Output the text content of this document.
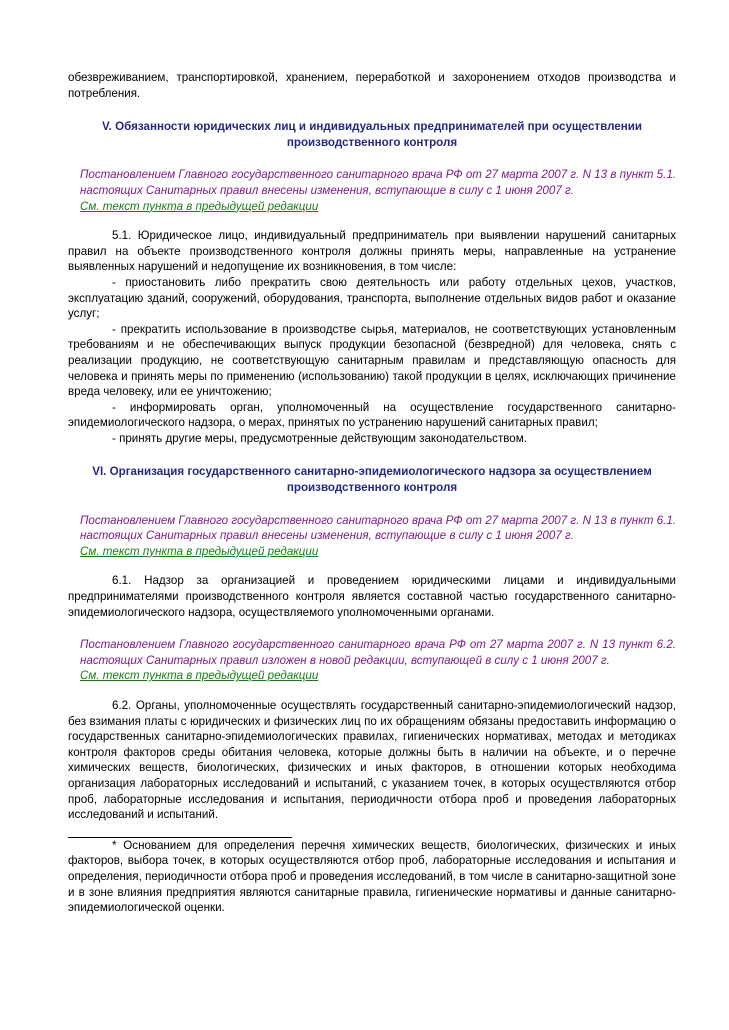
обезвреживанием, транспортировкой, хранением, переработкой и захоронением отходов производства и потребления.

V. Обязанности юридических лиц и индивидуальных предпринимателей при осуществлении производственного контроля
Постановлением Главного государственного санитарного врача РФ от 27 марта 2007 г. N 13 в пункт 5.1. настоящих Санитарных правил внесены изменения, вступающие в силу с 1 июня 2007 г.
См. текст пункта в предыдущей редакции

5.1. Юридическое лицо, индивидуальный предприниматель при выявлении нарушений санитарных правил на объекте производственного контроля должны принять меры, направленные на устранение выявленных нарушений и недопущение их возникновения, в том числе:

- приостановить либо прекратить свою деятельность или работу отдельных цехов, участков, эксплуатацию зданий, сооружений, оборудования, транспорта, выполнение отдельных видов работ и оказание услуг;

- прекратить использование в производстве сырья, материалов, не соответствующих установленным требованиям и не обеспечивающих выпуск продукции безопасной (безвредной) для человека, снять с реализации продукцию, не соответствующую санитарным правилам и представляющую опасность для человека и принять меры по применению (использованию) такой продукции в целях, исключающих причинение вреда человеку, или ее уничтожению;

- информировать орган, уполномоченный на осуществление государственного санитарно-эпидемиологического надзора, о мерах, принятых по устранению нарушений санитарных правил;

- принять другие меры, предусмотренные действующим законодательством.

VI. Организация государственного санитарно-эпидемиологического надзора за осуществлением производственного контроля
Постановлением Главного государственного санитарного врача РФ от 27 марта 2007 г. N 13 в пункт 6.1. настоящих Санитарных правил внесены изменения, вступающие в силу с 1 июня 2007 г.
См. текст пункта в предыдущей редакции

6.1. Надзор за организацией и проведением юридическими лицами и индивидуальными предпринимателями производственного контроля является составной частью государственного санитарно-эпидемиологического надзора, осуществляемого уполномоченными органами.

Постановлением Главного государственного санитарного врача РФ от 27 марта 2007 г. N 13 пункт 6.2. настоящих Санитарных правил изложен в новой редакции, вступающей в силу с 1 июня 2007 г.
См. текст пункта в предыдущей редакции

6.2. Органы, уполномоченные осуществлять государственный санитарно-эпидемиологический надзор, без взимания платы с юридических и физических лиц по их обращениям обязаны предоставить информацию о государственных санитарно-эпидемиологических правилах, гигиенических нормативах, методах и методиках контроля факторов среды обитания человека, которые должны быть в наличии на объекте, и о перечне химических веществ, биологических, физических и иных факторов, в отношении которых необходима организация лабораторных исследований и испытаний, с указанием точек, в которых осуществляются отбор проб, лабораторные исследования и испытания, периодичности отбора проб и проведения лабораторных исследований и испытаний.

* Основанием для определения перечня химических веществ, биологических, физических и иных факторов, выбора точек, в которых осуществляются отбор проб, лабораторные исследования и испытания и определения, периодичности отбора проб и проведения исследований, в том числе в санитарно-защитной зоне и в зоне влияния предприятия являются санитарные правила, гигиенические нормативы и данные санитарно-эпидемиологической оценки.
